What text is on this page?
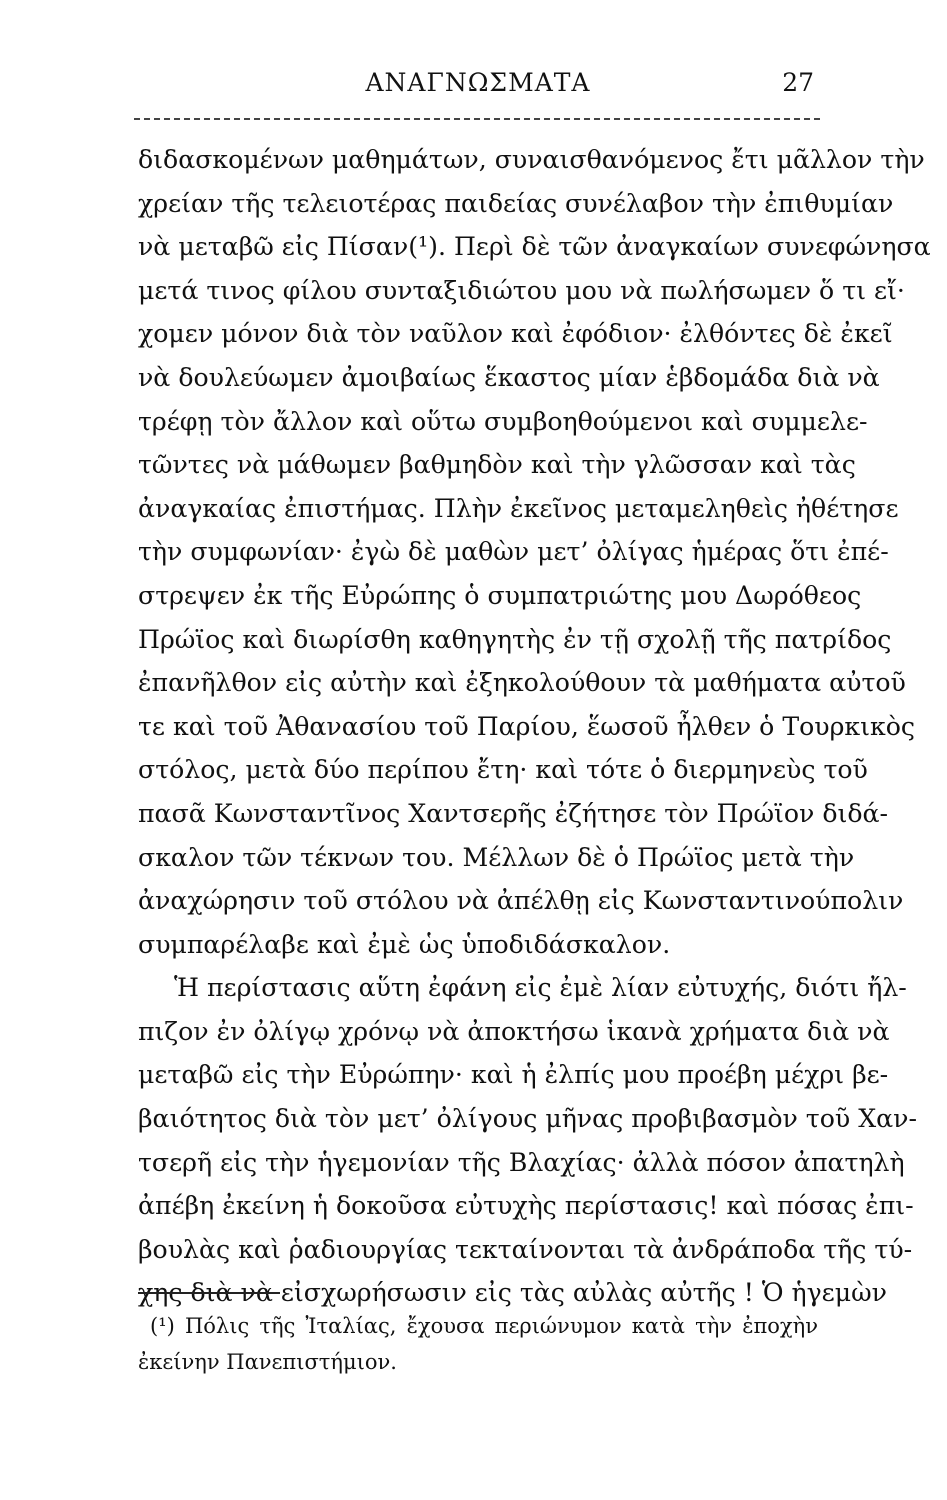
ΑΝΑΓΝΩΣΜΑΤΑ	27
διδασκομένων μαθημάτων, συναισθανόμενος ἔτι μᾶλλον τὴν
χρείαν τῆς τελειοτέρας παιδείας συνέλαβον τὴν ἐπιθυμίαν
νὰ μεταβῶ εἰς Πίσαν(¹). Περὶ δὲ τῶν ἀναγκαίων συνεφώνησα
μετά τινος φίλου συνταξιδιώτου μου νὰ πωλήσωμεν ὅ τι εἴ·
χομεν μόνον διὰ τὸν ναῦλον καὶ ἐφόδιον· ἐλθόντες δὲ ἐκεῖ
νὰ δουλεύωμεν ἀμοιβαίως ἕκαστος μίαν ἑβδομάδα διὰ νὰ
τρέφῃ τὸν ἄλλον καὶ οὕτω συμβοηθούμενοι καὶ συμμελε-
τῶντες νὰ μάθωμεν βαθμηδὸν καὶ τὴν γλῶσσαν καὶ τὰς
ἀναγκαίας ἐπιστήμας. Πλὴν ἐκεῖνος μεταμεληθεὶς ἠθέτησε
τὴν συμφωνίαν· ἐγὼ δὲ μαθὼν μετ’ ὀλίγας ἡμέρας ὅτι ἐπέ-
στρεψεν ἐκ τῆς Εὐρώπης ὁ συμπατριώτης μου Δωρόθεος
Πρώϊος καὶ διωρίσθη καθηγητὴς ἐν τῇ σχολῇ τῆς πατρίδος
ἐπανῆλθον εἰς αὐτὴν καὶ ἐξηκολούθουν τὰ μαθήματα αὐτοῦ
τε καὶ τοῦ Ἀθανασίου τοῦ Παρίου, ἕωσοῦ ἦλθεν ὁ Τουρκικὸς
στόλος, μετὰ δύο περίπου ἔτη· καὶ τότε ὁ διερμηνεὺς τοῦ
πασᾶ Κωνσταντῖνος Χαντσερῆς ἐζήτησε τὸν Πρώϊον διδά-
σκαλον τῶν τέκνων του. Μέλλων δὲ ὁ Πρώϊος μετὰ τὴν
ἀναχώρησιν τοῦ στόλου νὰ ἀπέλθῃ εἰς Κωνσταντινούπολιν
συμπαρέλαβε καὶ ἐμὲ ὡς ὑποδιδάσκαλον.
Ἡ περίστασις αὕτη ἐφάνη εἰς ἐμὲ λίαν εὐτυχής, διότι ἤλ-
πιζον ἐν ὀλίγῳ χρόνῳ νὰ ἀποκτήσω ἱκανὰ χρήματα διὰ νὰ
μεταβῶ εἰς τὴν Εὐρώπην· καὶ ἡ ἐλπίς μου προέβη μέχρι βε-
βαιότητος διὰ τὸν μετ’ ὀλίγους μῆνας προβιβασμὸν τοῦ Χαν-
τσερῆ εἰς τὴν ἡγεμονίαν τῆς Βλαχίας· ἀλλὰ πόσον ἀπατηλὴ
ἀπέβη ἐκείνη ἡ δοκοῦσα εὐτυχὴς περίστασις! καὶ πόσας ἐπι-
βουλὰς καὶ ῥαδιουργίας τεκταίνονται τὰ ἀνδράποδα τῆς τύ-
χης διὰ νὰ εἰσχωρήσωσιν εἰς τὰς αὐλὰς αὐτῆς ! Ὁ ἡγεμὼν
(¹) Πόλις τῆς Ἰταλίας, ἔχουσα περιώνυμον κατὰ τὴν ἐποχὴν
ἐκείνην Πανεπιστήμιον.
